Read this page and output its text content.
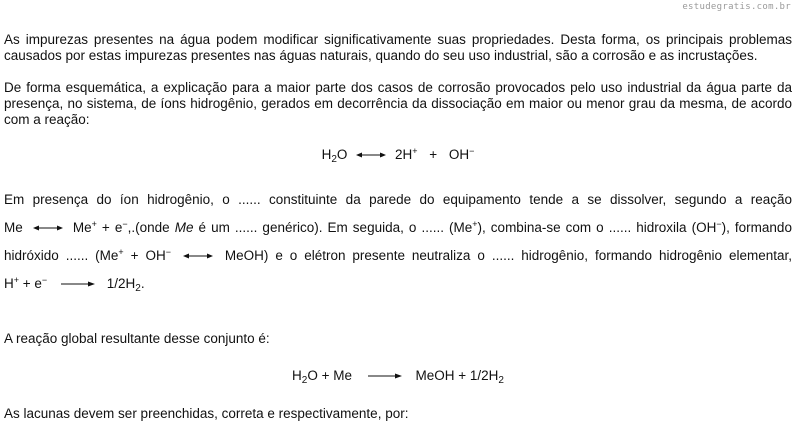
estudegratis.com.br
As impurezas presentes na água podem modificar significativamente suas propriedades. Desta forma, os principais problemas causados por estas impurezas presentes nas águas naturais, quando do seu uso industrial, são a corrosão e as incrustações.
De forma esquemática, a explicação para a maior parte dos casos de corrosão provocados pelo uso industrial da água parte da presença, no sistema, de íons hidrogênio, gerados em decorrência da dissociação em maior ou menor grau da mesma, de acordo com a reação:
$H_2O$	2H+ + OH−
Em presença do íon hidrogênio, o ...... constituinte da parede do equipamento tende a se dissolver, segundo a reação
Me	Me+ + e−,.(onde Me é um ...... genérico). Em seguida, o ...... (Me+), combina-se com o ...... hidroxila (OH−), formando
hidróxido ...... (Me+ + OH−	MeOH) e o elétron presente neutraliza o ...... hidrogênio, formando hidrogênio elementar,
H+ + e−	$1/2H_2$.
A reação global resultante desse conjunto é:
$H_2O + Me$	MeOH + $1/2H_2$
As lacunas devem ser preenchidas, correta e respectivamente, por:
